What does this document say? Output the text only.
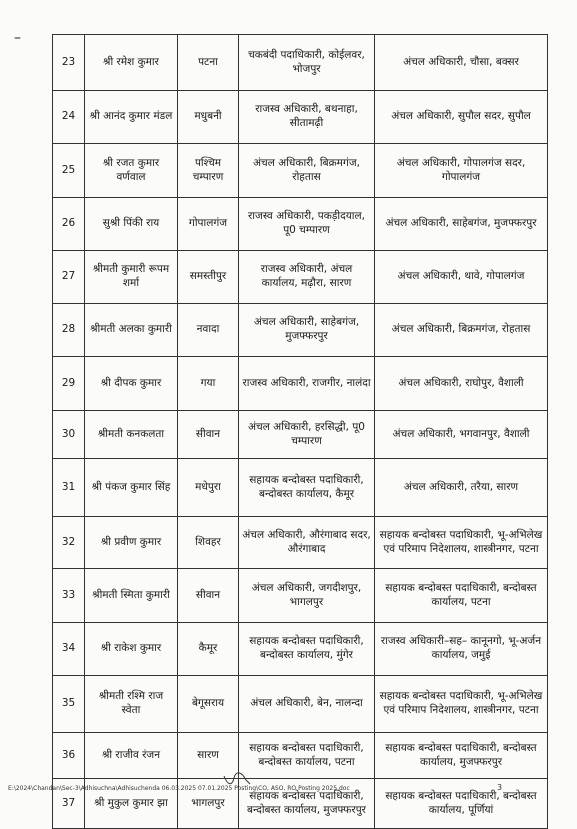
–
23	श्री रमेश कुमार	पटना	चकबंदी पदाधिकारी, कोईलवर, भोजपुर	अंचल अधिकारी, चौसा, बक्सर
24	श्री आनंद कुमार मंडल	मधुबनी	राजस्व अधिकारी, बथनाहा, सीतामढ़ी	अंचल अधिकारी, सुपौल सदर, सुपौल
25	श्री रजत कुमार वर्णवाल	पश्चिम चम्पारण	अंचल अधिकारी, बिक्रमगंज, रोहतास	अंचल अधिकारी, गोपालगंज सदर, गोपालगंज
26	सुश्री पिंकी राय	गोपालगंज	राजस्व अधिकारी, पकड़ीदयाल, पू0 चम्पारण	अंचल अधिकारी, साहेबगंज, मुजफ्फरपुर
27	श्रीमती कुमारी रूपम शर्मा	समस्तीपुर	राजस्व अधिकारी, अंचल कार्यालय, मढ़ौरा, सारण	अंचल अधिकारी, थावे, गोपालगंज
28	श्रीमती अलका कुमारी	नवादा	अंचल अधिकारी, साहेबगंज, मुजफ्फरपुर	अंचल अधिकारी, बिक्रमगंज, रोहतास
29	श्री दीपक कुमार	गया	राजस्व अधिकारी, राजगीर, नालंदा	अंचल अधिकारी, राघोपुर, वैशाली
30	श्रीमती कनकलता	सीवान	अंचल अधिकारी, हरसिद्धी, पू0 चम्पारण	अंचल अधिकारी, भगवानपुर, वैशाली
31	श्री पंकज कुमार सिंह	मधेपुरा	सहायक बन्दोबस्त पदाधिकारी, बन्दोबस्त कार्यालय, कैमूर	अंचल अधिकारी, तरैया, सारण
32	श्री प्रवीण कुमार	शिवहर	अंचल अधिकारी, औरंगाबाद सदर, औरंगाबाद	सहायक बन्दोबस्त पदाधिकारी, भू-अभिलेख एवं परिमाप निदेशालय, शास्त्रीनगर, पटना
33	श्रीमती स्मिता कुमारी	सीवान	अंचल अधिकारी, जगदीशपुर, भागलपुर	सहायक बन्दोबस्त पदाधिकारी, बन्दोबस्त कार्यालय, पटना
34	श्री राकेश कुमार	कैमूर	सहायक बन्दोबस्त पदाधिकारी, बन्दोबस्त कार्यालय, मुंगेर	राजस्व अधिकारी–सह– कानूनगो, भू-अर्जन कार्यालय, जमुई
35	श्रीमती रश्मि राज स्वेता	बेगूसराय	अंचल अधिकारी, बेन, नालन्दा	सहायक बन्दोबस्त पदाधिकारी, भू-अभिलेख एवं परिमाप निदेशालय, शास्त्रीनगर, पटना
36	श्री राजीव रंजन	सारण	सहायक बन्दोबस्त पदाधिकारी, बन्दोबस्त कार्यालय, पटना	सहायक बन्दोबस्त पदाधिकारी, बन्दोबस्त कार्यालय, मुजफ्फरपुर
37	श्री मुकुल कुमार झा	भागलपुर	सहायक बन्दोबस्त पदाधिकारी, बन्दोबस्त कार्यालय, मुजफ्फरपुर	सहायक बन्दोबस्त पदाधिकारी, बन्दोबस्त कार्यालय, पूर्णियां
E:\2024\Chandan\Sec-3\Adhisuchna\Adhisuchenda 06.03.2025 07.01.2025 Posting\CO, ASO, RO Posting 2025.doc	3
